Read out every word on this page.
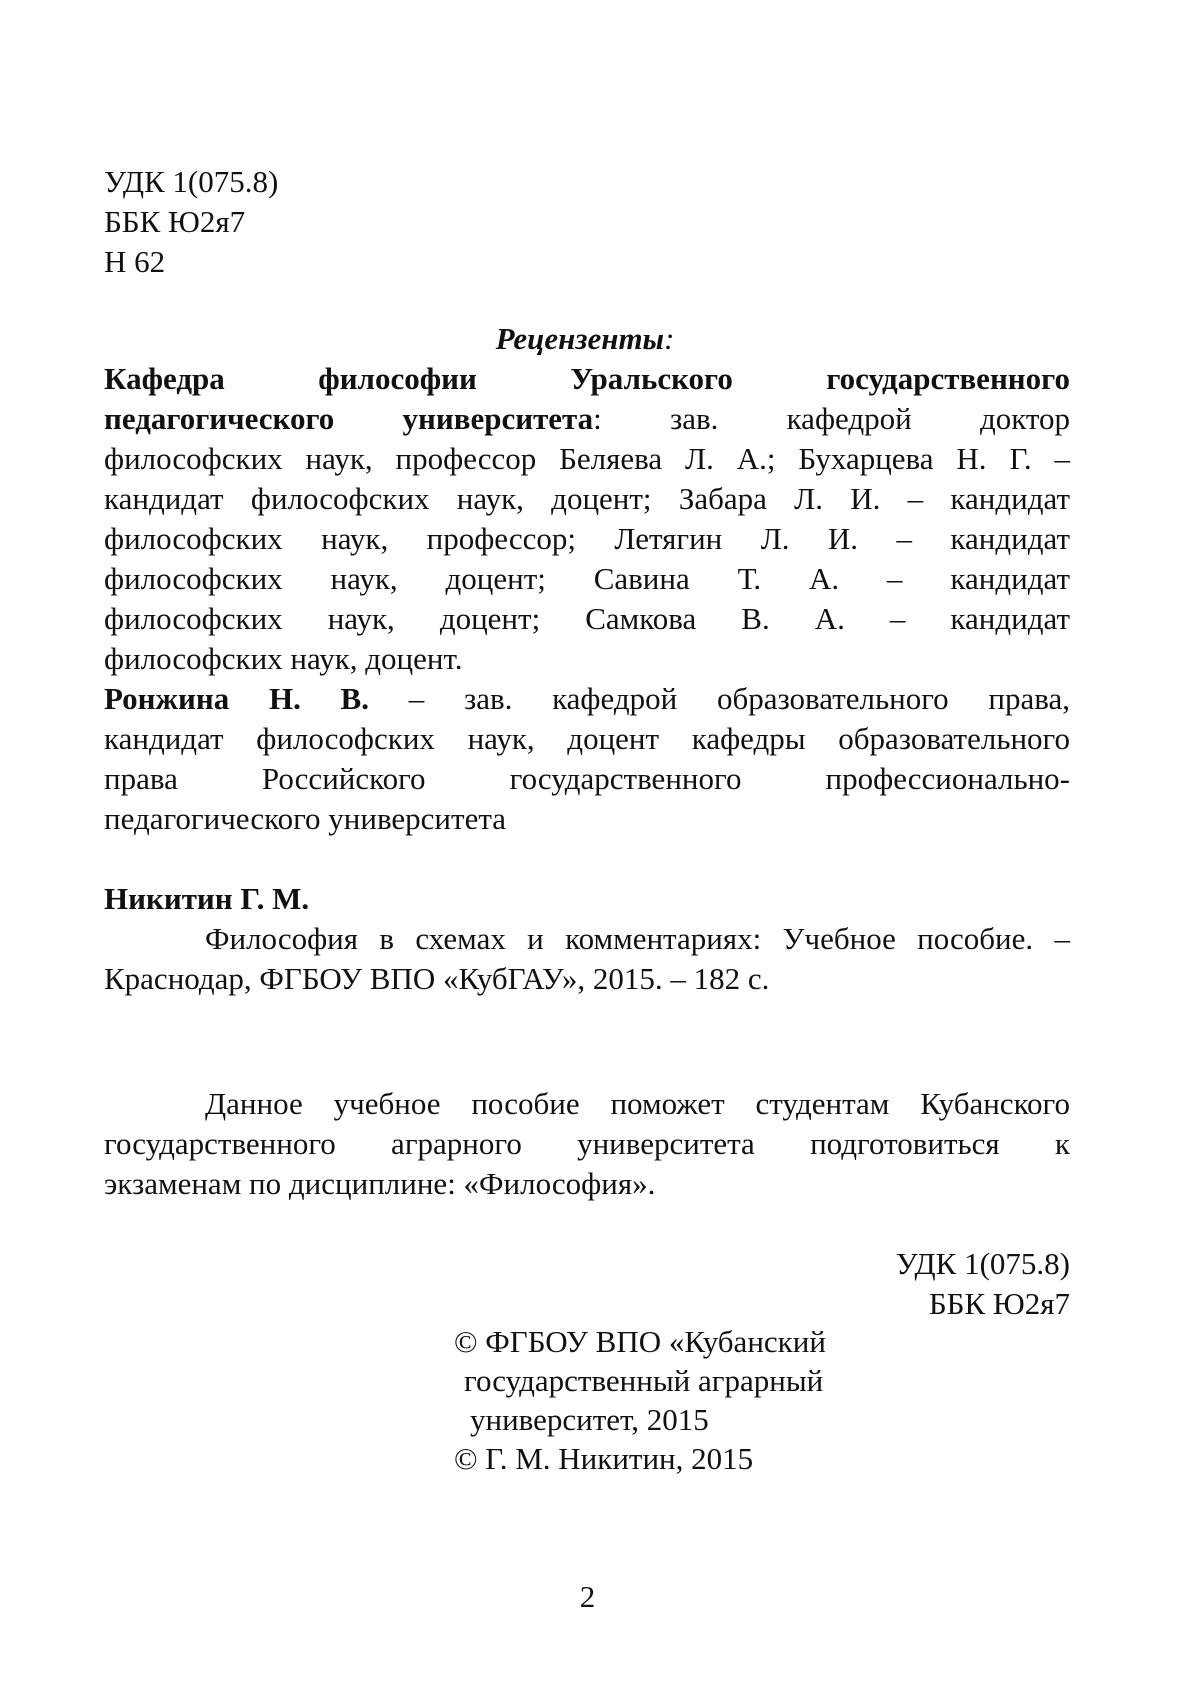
УДК 1(075.8)
ББК Ю2я7
Н 62
Рецензенты:
Кафедра	философии	Уральского	государственного
педагогического университета: зав. кафедрой доктор
философских наук, профессор Беляева Л. А.; Бухарцева Н. Г. –
кандидат философских наук, доцент; Забара Л. И. – кандидат
философских наук, профессор; Летягин Л. И. – кандидат
философских наук, доцент; Савина Т. А. – кандидат
философских наук, доцент; Самкова В. А. – кандидат
философских наук, доцент.
Ронжина Н. В. – зав. кафедрой образовательного права,
кандидат философских наук, доцент кафедры образовательного
права Российского государственного профессионально-
педагогического университета
Никитин Г. М.
Философия в схемах и комментариях: Учебное пособие. –
Краснодар, ФГБОУ ВПО «КубГАУ», 2015. – 182 с.
Данное учебное пособие поможет студентам Кубанского
государственного аграрного университета подготовиться к
экзаменам по дисциплине: «Философия».
УДК 1(075.8)
ББК Ю2я7
© ФГБОУ ВПО «Кубанский
государственный аграрный
университет, 2015
© Г. М. Никитин, 2015
2
